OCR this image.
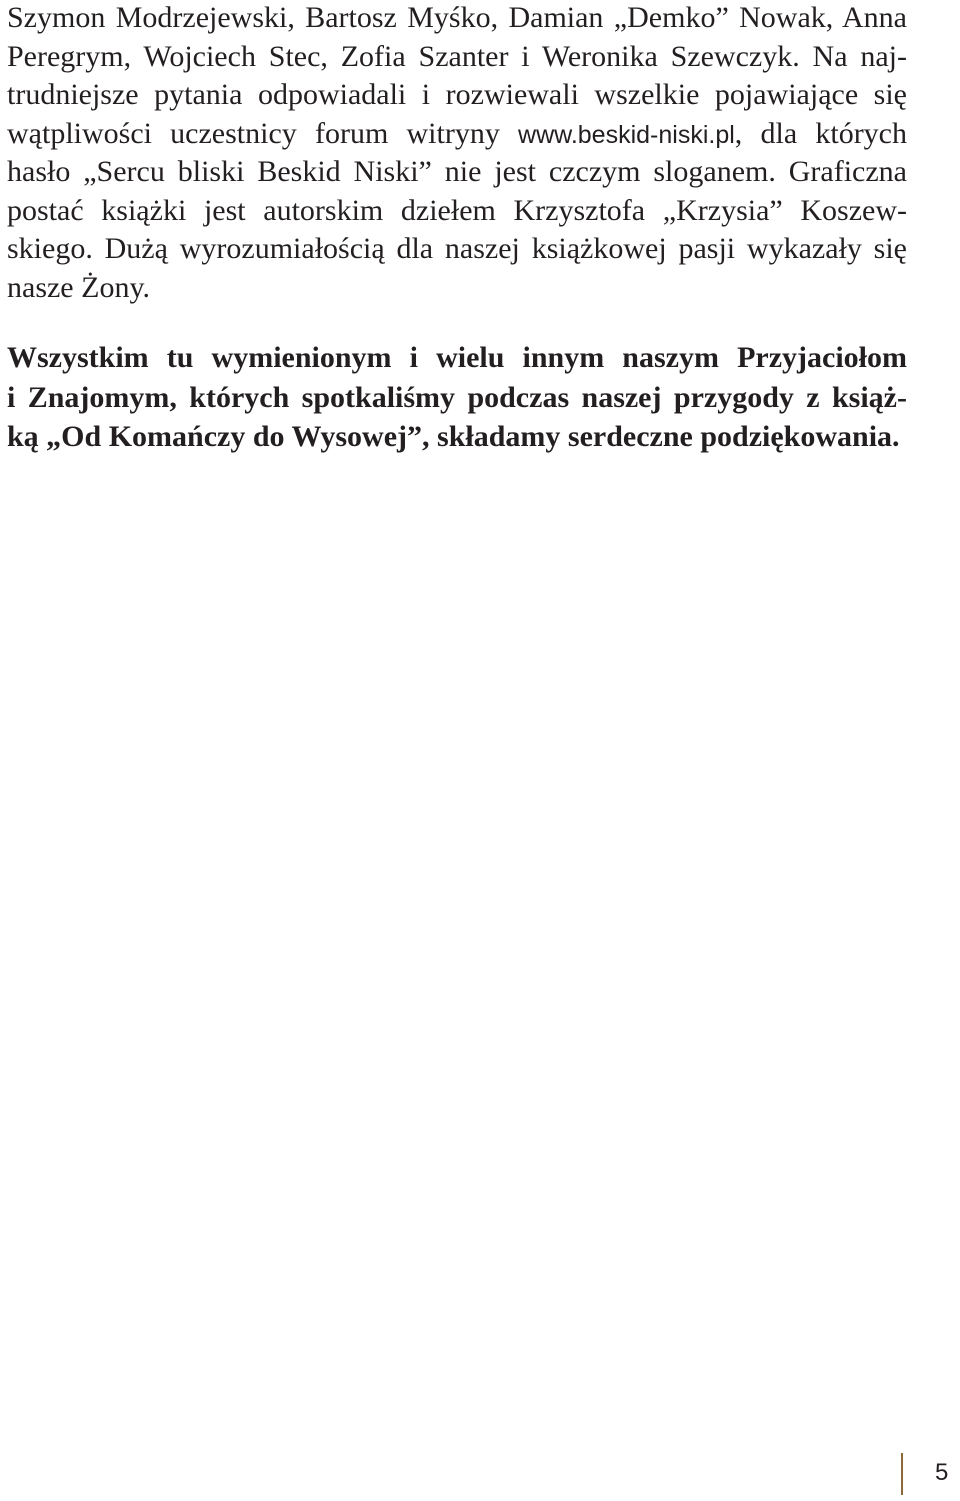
Szymon Modrzejewski, Bartosz Myśko, Damian „Demko” Nowak, Anna
Peregrym, Wojciech Stec, Zofia Szanter i Weronika Szewczyk. Na naj-
trudniejsze pytania odpowiadali i rozwiewali wszelkie pojawiające się
wątpliwości uczestnicy forum witryny www.beskid-niski.pl, dla których
hasło „Sercu bliski Beskid Niski” nie jest czczym sloganem. Graficzna
postać książki jest autorskim dziełem Krzysztofa „Krzysia” Koszew-
skiego. Dużą wyrozumiałością dla naszej książkowej pasji wykazały się
nasze Żony.
Wszystkim tu wymienionym i wielu innym naszym Przyjaciołom
i Znajomym, których spotkaliśmy podczas naszej przygody z książ-
ką „Od Komańczy do Wysowej”, składamy serdeczne podziękowania.
5
